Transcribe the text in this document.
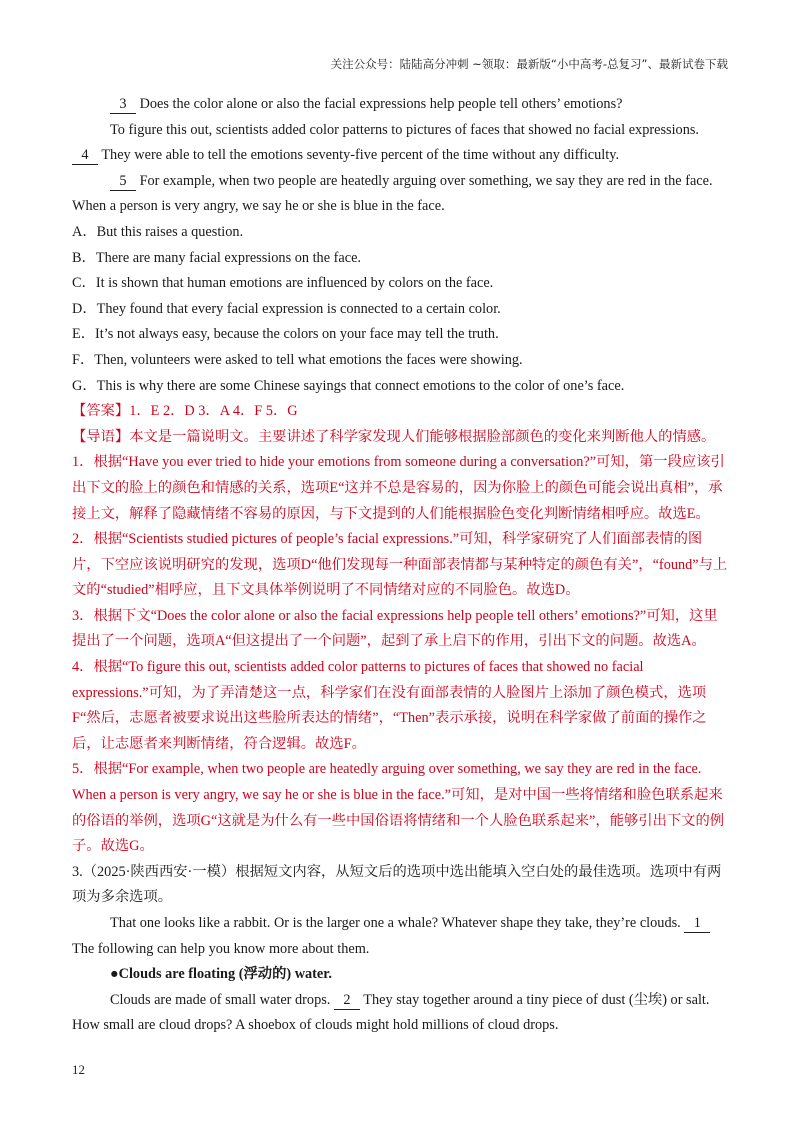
关注公众号：陆陆高分冲刺 ~领取：最新版“小中高考-总复习”、最新试卷下载

3 Does the color alone or also the facial expressions help people tell others’ emotions?

To figure this out, scientists added color patterns to pictures of faces that showed no facial expressions. 4 They were able to tell the emotions seventy-five percent of the time without any difficulty.

5 For example, when two people are heatedly arguing over something, we say they are red in the face. When a person is very angry, we say he or she is blue in the face.

A．But this raises a question.

B．There are many facial expressions on the face.

C．It is shown that human emotions are influenced by colors on the face.

D．They found that every facial expression is connected to a certain color.

E．It’s not always easy, because the colors on your face may tell the truth.

F．Then, volunteers were asked to tell what emotions the faces were showing.

G．This is why there are some Chinese sayings that connect emotions to the color of one’s face.

【答案】1．E 2．D 3．A 4．F 5．G

【导语】本文是一篇说明文。主要讲述了科学家发现人们能够根据脸部颜色的变化来判断他人的情感。

1．根据“Have you ever tried to hide your emotions from someone during a conversation?”可知，第一段应该引出下文的脸上的颜色和情感的关系，选项E“这并不总是容易的，因为你脸上的颜色可能会说出真相”，承接上文，解释了隐藏情绪不容易的原因，与下文提到的人们能根据脸色变化判断情绪相呼应。故选E。

2．根据“Scientists studied pictures of people’s facial expressions.”可知，科学家研究了人们面部表情的图片，下空应该说明研究的发现，选项D“他们发现每一种面部表情都与某种特定的颜色有关”，“found”与上文的“studied”相呼应，且下文具体举例说明了不同情绪对应的不同脸色。故选D。

3．根据下文“Does the color alone or also the facial expressions help people tell others’ emotions?”可知，这里提出了一个问题，选项A“但这提出了一个问题”，起到了承上启下的作用，引出下文的问题。故选A。

4．根据“To figure this out, scientists added color patterns to pictures of faces that showed no facial expressions.”可知，为了弄清楚这一点，科学家们在没有面部表情的人脸图片上添加了颜色模式，选项F“然后，志愿者被要求说出这些脸所表达的情绪”，“Then”表示承接，说明在科学家做了前面的操作之后，让志愿者来判断情绪，符合逻辑。故选F。

5．根据“For example, when two people are heatedly arguing over something, we say they are red in the face. When a person is very angry, we say he or she is blue in the face.”可知，是对中国一些将情绪和脸色联系起来的俗语的举例，选项G“这就是为什么有一些中国俗语将情绪和一个人脸色联系起来”，能够引出下文的例子。故选G。

3.（2025·陕西西安·一模）根据短文内容，从短文后的选项中选出能填入空白处的最佳选项。选项中有两项为多余选项。

That one looks like a rabbit. Or is the larger one a whale? Whatever shape they take, they’re clouds. 1 The following can help you know more about them.

●Clouds are floating (浮动的) water.

Clouds are made of small water drops. 2 They stay together around a tiny piece of dust (尘埃) or salt. How small are cloud drops? A shoebox of clouds might hold millions of cloud drops.

12
